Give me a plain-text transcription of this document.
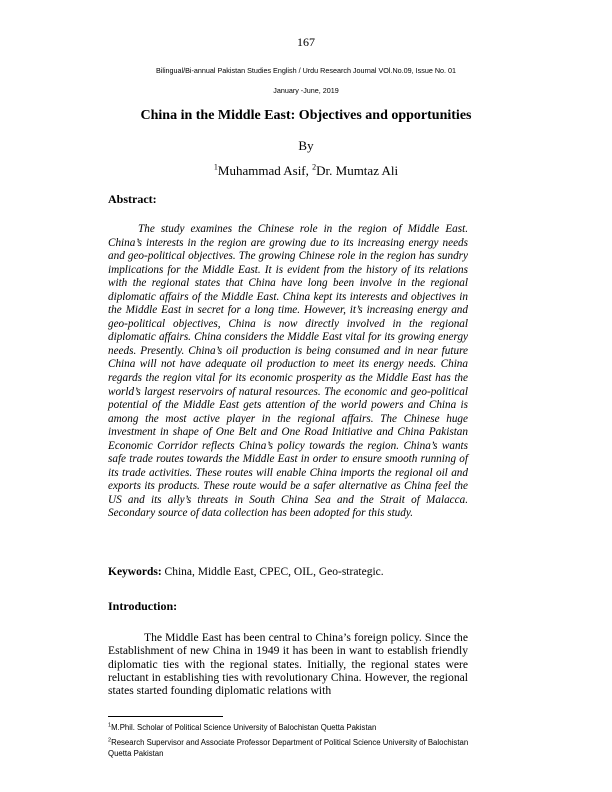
167
Bilingual/Bi-annual Pakistan Studies English / Urdu Research Journal VOl.No.09, Issue No. 01
January -June, 2019
China in the Middle East: Objectives and opportunities
By
$^1$Muhammad Asif, $^2$Dr. Mumtaz Ali
Abstract:

The study examines the Chinese role in the region of Middle East. China’s interests in the region are growing due to its increasing energy needs and geo-political objectives. The growing Chinese role in the region has sundry implications for the Middle East. It is evident from the history of its relations with the regional states that China have long been involve in the regional diplomatic affairs of the Middle East. China kept its interests and objectives in the Middle East in secret for a long time. However, it’s increasing energy and geo-political objectives, China is now directly involved in the regional diplomatic affairs. China considers the Middle East vital for its growing energy needs. Presently. China’s oil production is being consumed and in near future China will not have adequate oil production to meet its energy needs. China regards the region vital for its economic prosperity as the Middle East has the world’s largest reservoirs of natural resources. The economic and geo-political potential of the Middle East gets attention of the world powers and China is among the most active player in the regional affairs. The Chinese huge investment in shape of One Belt and One Road Initiative and China Pakistan Economic Corridor reflects China’s policy towards the region. China’s wants safe trade routes towards the Middle East in order to ensure smooth running of its trade activities. These routes will enable China imports the regional oil and exports its products. These route would be a safer alternative as China feel the US and its ally’s threats in South China Sea and the Strait of Malacca. Secondary source of data collection has been adopted for this study.

Keywords: China, Middle East, CPEC, OIL, Geo-strategic.
Introduction:

The Middle East has been central to China’s foreign policy. Since the Establishment of new China in 1949 it has been in want to establish friendly diplomatic ties with the regional states. Initially, the regional states were reluctant in establishing ties with revolutionary China. However, the regional states started founding diplomatic relations with

$^1$M.Phil. Scholar of Political Science University of Balochistan Quetta Pakistan
$^2$Research Supervisor and Associate Professor Department of Political Science University of Balochistan Quetta Pakistan
